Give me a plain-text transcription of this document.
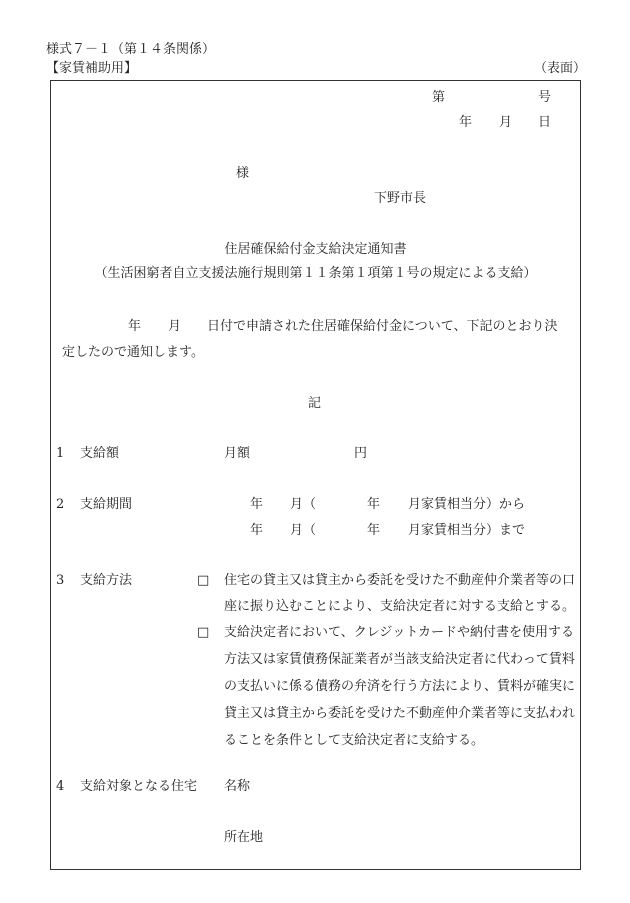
様式７－１（第１４条関係）
【家賃補助用】	（表面）
第	号
年 月 日
様
下野市長
住居確保給付金支給決定通知書
（生活困窮者自立支援法施行規則第１１条第１項第１号の規定による支給）
年 月 日付で申請された住居確保給付金について、下記のとおり決
定したので通知します。
記
1 支給額	月額	円
2 支給期間	年 月（	年 月家賃相当分）から
年 月（	年 月家賃相当分）まで
3 支給方法	□ 住宅の貸主又は貸主から委託を受けた不動産仲介業者等の口
座に振り込むことにより、支給決定者に対する支給とする。
□ 支給決定者において、クレジットカードや納付書を使用する
方法又は家賃債務保証業者が当該支給決定者に代わって賃料
の支払いに係る債務の弁済を行う方法により、賃料が確実に
貸主又は貸主から委託を受けた不動産仲介業者等に支払われ
ることを条件として支給決定者に支給する。
4 支給対象となる住宅 名称
所在地
